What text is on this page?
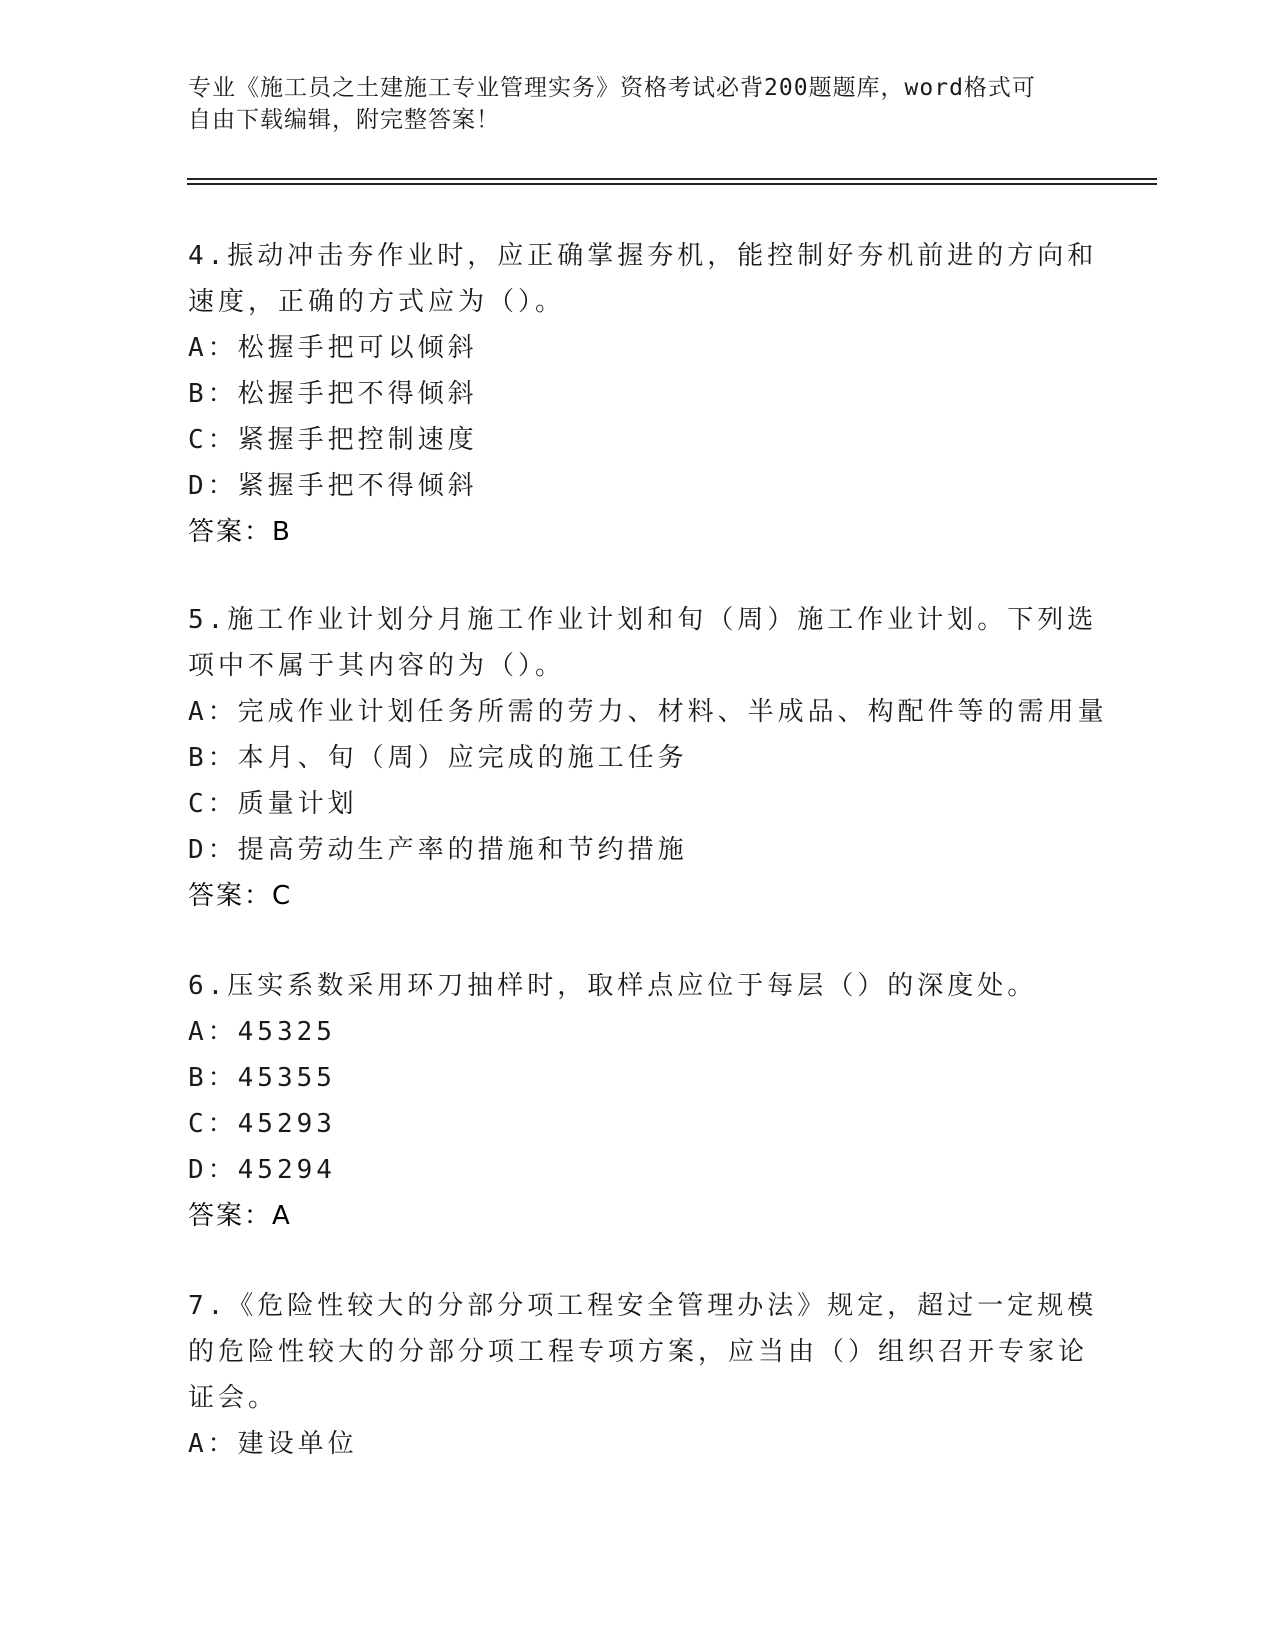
专业《施工员之土建施工专业管理实务》资格考试必背200题题库，word格式可
自由下载编辑，附完整答案！
4.振动冲击夯作业时，应正确掌握夯机，能控制好夯机前进的方向和
速度，正确的方式应为（）。
A：松握手把可以倾斜
B：松握手把不得倾斜
C：紧握手把控制速度
D：紧握手把不得倾斜
答案：B
5.施工作业计划分月施工作业计划和旬（周）施工作业计划。下列选
项中不属于其内容的为（）。
A：完成作业计划任务所需的劳力、材料、半成品、构配件等的需用量
B：本月、旬（周）应完成的施工任务
C：质量计划
D：提高劳动生产率的措施和节约措施
答案：C
6.压实系数采用环刀抽样时，取样点应位于每层（）的深度处。
A：45325
B：45355
C：45293
D：45294
答案：A
7.《危险性较大的分部分项工程安全管理办法》规定，超过一定规模
的危险性较大的分部分项工程专项方案，应当由（）组织召开专家论
证会。
A：建设单位
